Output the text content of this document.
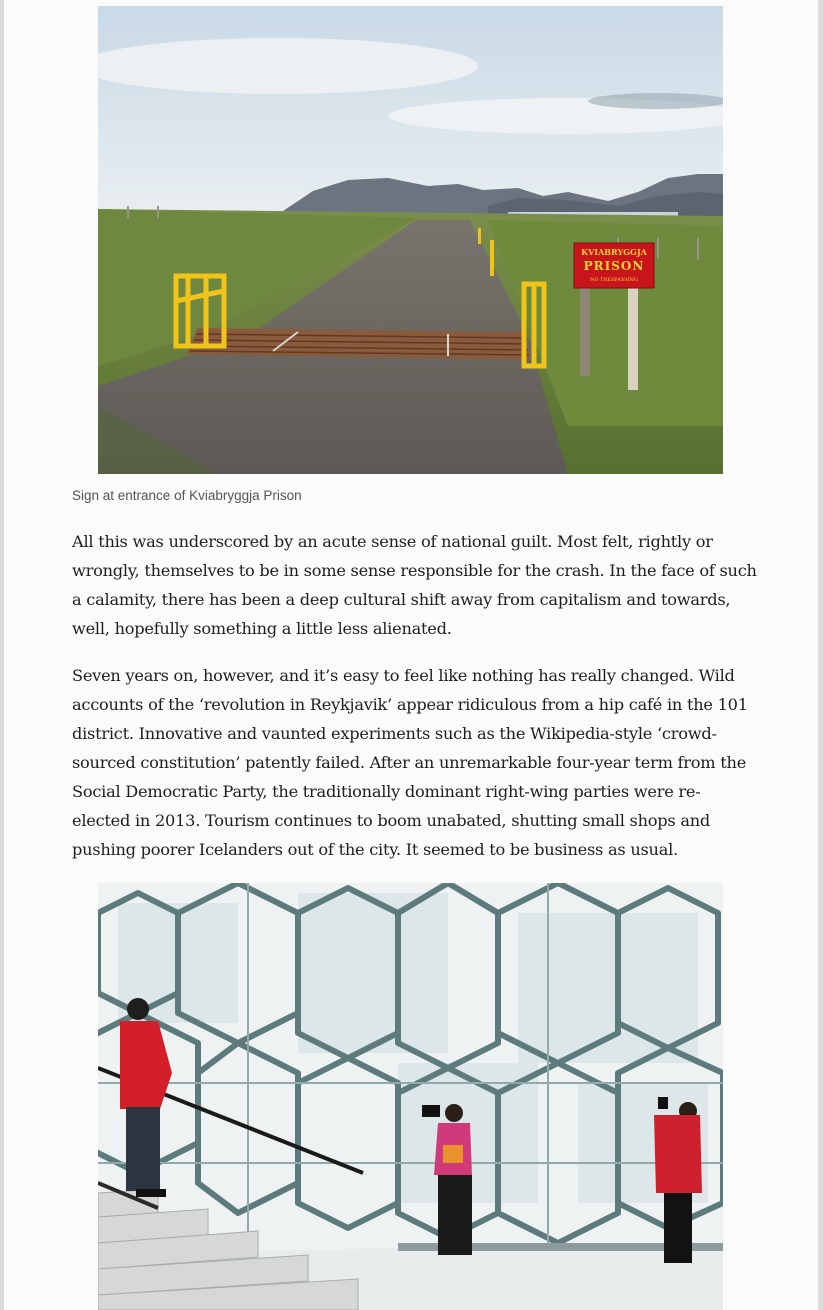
KVIABRYGGJA
PRISON
NO TRESPASSING
Sign at entrance of Kviabryggja Prison

All this was underscored by an acute sense of national guilt. Most felt, rightly or
wrongly, themselves to be in some sense responsible for the crash. In the face of such
a calamity, there has been a deep cultural shift away from capitalism and towards,
well, hopefully something a little less alienated.

Seven years on, however, and it’s easy to feel like nothing has really changed. Wild
accounts of the ‘revolution in Reykjavik’ appear ridiculous from a hip café in the 101
district. Innovative and vaunted experiments such as the Wikipedia-style ‘crowd-
sourced constitution’ patently failed. After an unremarkable four-year term from the
Social Democratic Party, the traditionally dominant right-wing parties were re-
elected in 2013. Tourism continues to boom unabated, shutting small shops and
pushing poorer Icelanders out of the city. It seemed to be business as usual.
